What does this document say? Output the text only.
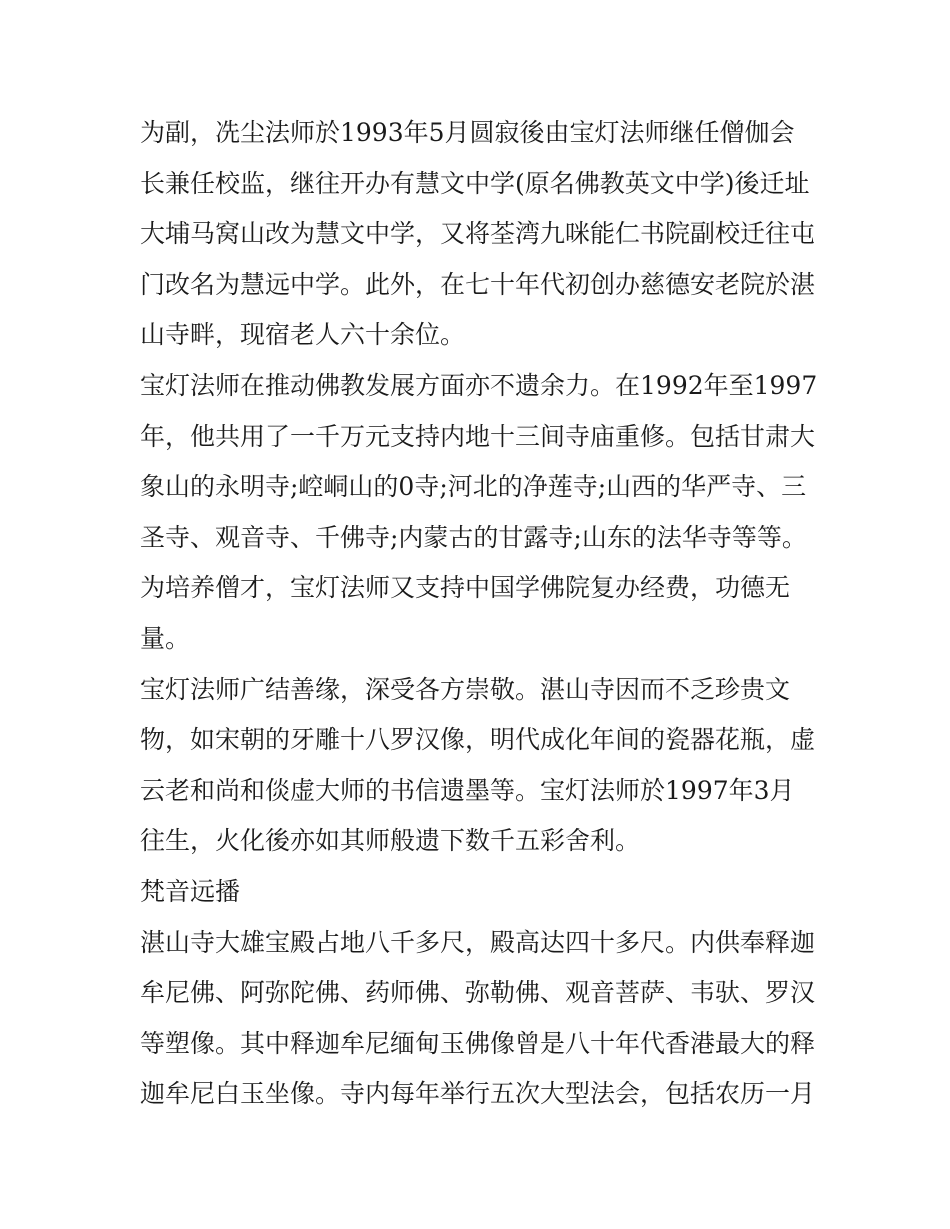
为副，冼尘法师於1993年5月圆寂後由宝灯法师继任僧伽会
长兼任校监，继往开办有慧文中学(原名佛教英文中学)後迁址
大埔马窝山改为慧文中学，又将荃湾九咪能仁书院副校迁往屯
门改名为慧远中学。此外，在七十年代初创办慈德安老院於湛
山寺畔，现宿老人六十余位。
宝灯法师在推动佛教发展方面亦不遗余力。在1992年至1997
年，他共用了一千万元支持内地十三间寺庙重修。包括甘肃大
象山的永明寺;崆峒山的0寺;河北的净莲寺;山西的华严寺、三
圣寺、观音寺、千佛寺;内蒙古的甘露寺;山东的法华寺等等。
为培养僧才，宝灯法师又支持中国学佛院复办经费，功德无
量。
宝灯法师广结善缘，深受各方崇敬。湛山寺因而不乏珍贵文
物，如宋朝的牙雕十八罗汉像，明代成化年间的瓷器花瓶，虚
云老和尚和倓虚大师的书信遗墨等。宝灯法师於1997年3月
往生，火化後亦如其师般遗下数千五彩舍利。
梵音远播
湛山寺大雄宝殿占地八千多尺，殿高达四十多尺。内供奉释迦
牟尼佛、阿弥陀佛、药师佛、弥勒佛、观音菩萨、韦驮、罗汉
等塑像。其中释迦牟尼缅甸玉佛像曾是八十年代香港最大的释
迦牟尼白玉坐像。寺内每年举行五次大型法会，包括农历一月
